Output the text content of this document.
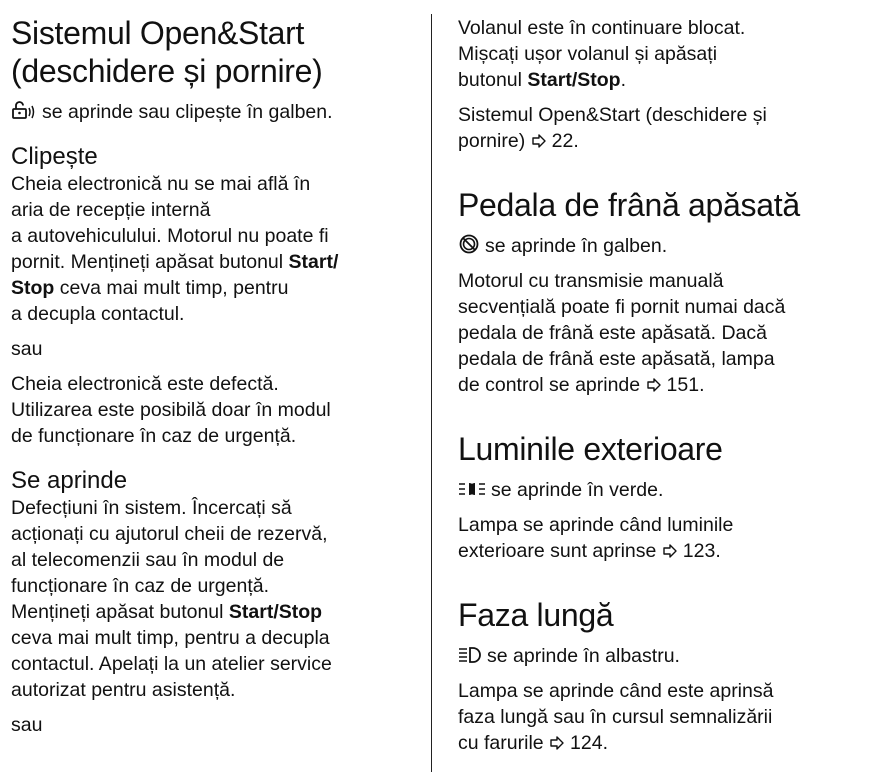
Sistemul Open&Start
(deschidere și pornire)

se aprinde sau clipește în galben.

Clipește

Cheia electronică nu se mai află în
aria de recepție internă
a autovehiculului. Motorul nu poate fi
pornit. Mențineți apăsat butonul Start/
Stop ceva mai mult timp, pentru
a decupla contactul.

sau

Cheia electronică este defectă.
Utilizarea este posibilă doar în modul
de funcționare în caz de urgență.

Se aprinde

Defecțiuni în sistem. Încercați să
acționați cu ajutorul cheii de rezervă,
al telecomenzii sau în modul de
funcționare în caz de urgență.
Mențineți apăsat butonul Start/Stop
ceva mai mult timp, pentru a decupla
contactul. Apelați la un atelier service
autorizat pentru asistență.

sau

Volanul este în continuare blocat.
Mișcați ușor volanul și apăsați
butonul Start/Stop.

Sistemul Open&Start (deschidere și
pornire) 22.

Pedala de frână apăsată

se aprinde în galben.

Motorul cu transmisie manuală
secvențială poate fi pornit numai dacă
pedala de frână este apăsată. Dacă
pedala de frână este apăsată, lampa
de control se aprinde 151.

Luminile exterioare

se aprinde în verde.

Lampa se aprinde când luminile
exterioare sunt aprinse 123.

Faza lungă

se aprinde în albastru.

Lampa se aprinde când este aprinsă
faza lungă sau în cursul semnalizării
cu farurile 124.
